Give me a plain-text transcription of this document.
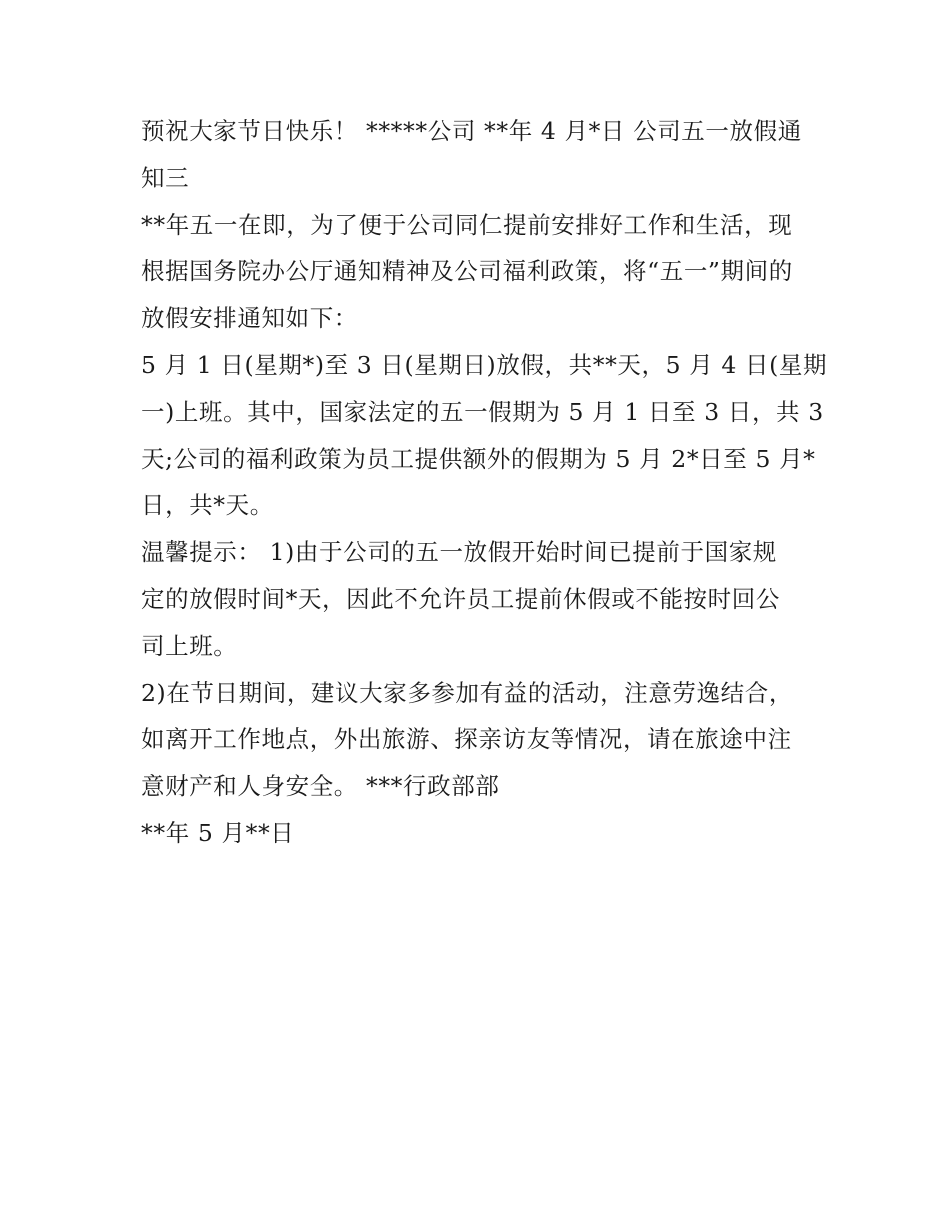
预祝大家节日快乐！ *****公司 **年 4 月*日 公司五一放假通
知三
**年五一在即，为了便于公司同仁提前安排好工作和生活，现
根据国务院办公厅通知精神及公司福利政策，将“五一”期间的
放假安排通知如下：
5 月 1 日(星期*)至 3 日(星期日)放假，共**天，5 月 4 日(星期
一)上班。其中，国家法定的五一假期为 5 月 1 日至 3 日，共 3
天;公司的福利政策为员工提供额外的假期为 5 月 2*日至 5 月*
日，共*天。
温馨提示： 1)由于公司的五一放假开始时间已提前于国家规
定的放假时间*天，因此不允许员工提前休假或不能按时回公
司上班。
2)在节日期间，建议大家多参加有益的活动，注意劳逸结合，
如离开工作地点，外出旅游、探亲访友等情况，请在旅途中注
意财产和人身安全。 ***行政部部
**年 5 月**日
